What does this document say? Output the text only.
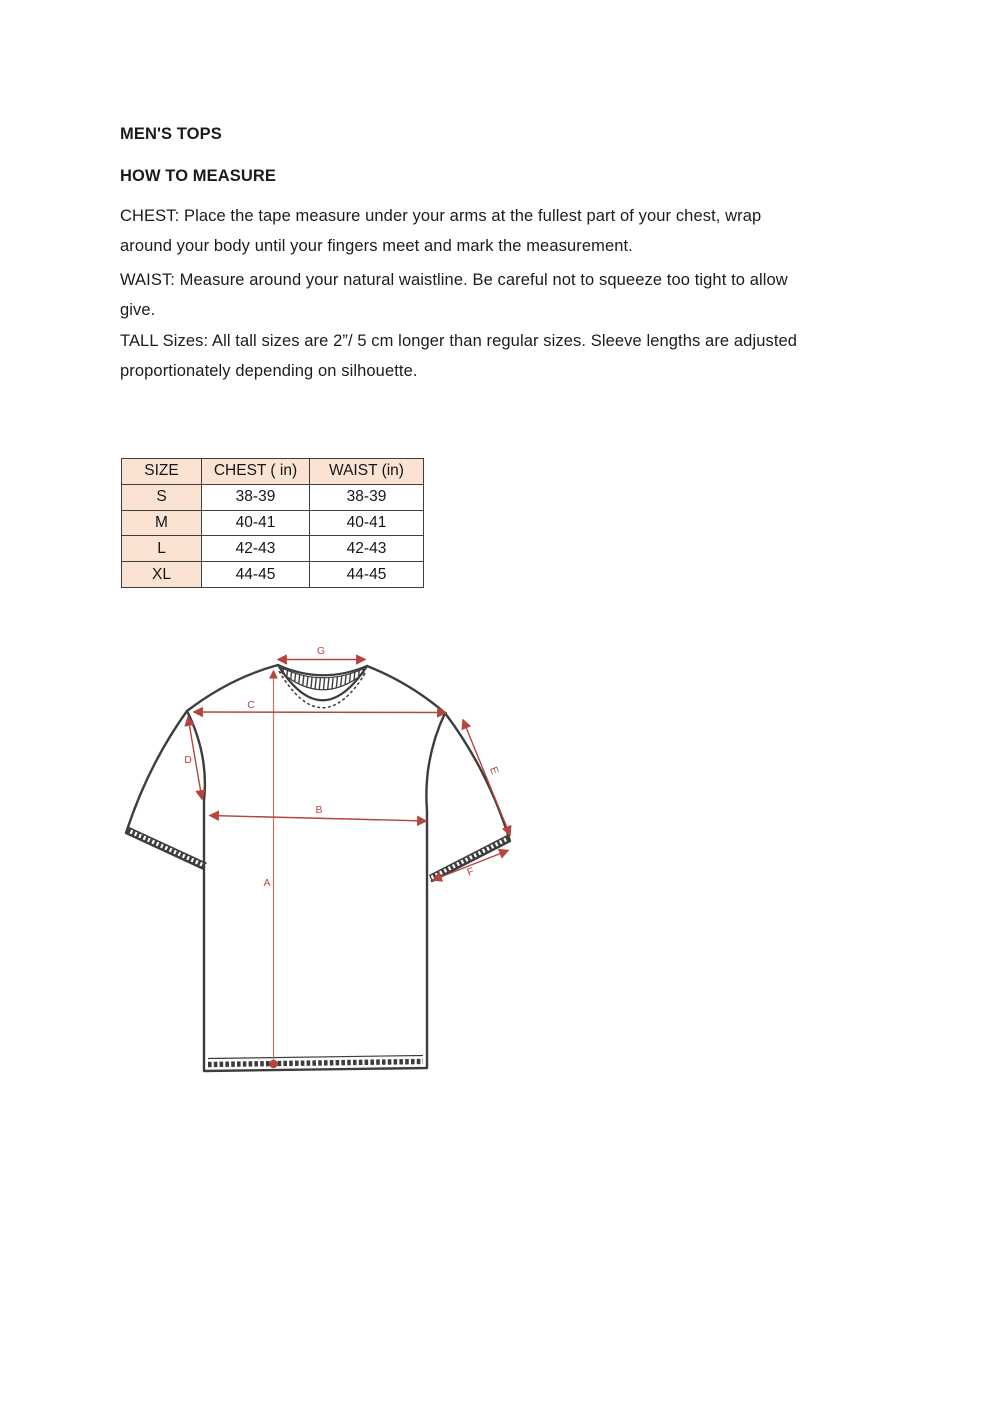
MEN'S TOPS
HOW TO MEASURE
CHEST: Place the tape measure under your arms at the fullest part of your chest, wrap
around your body until your fingers meet and mark the measurement.
WAIST: Measure around your natural waistline. Be careful not to squeeze too tight to allow
give.
TALL Sizes: All tall sizes are 2”/ 5 cm longer than regular sizes. Sleeve lengths are adjusted
proportionately depending on silhouette.
SIZE	CHEST ( in)	WAIST (in)
S	38-39	38-39
M	40-41	40-41
L	42-43	42-43
XL	44-45	44-45
G
C
D
B
A
E
F
